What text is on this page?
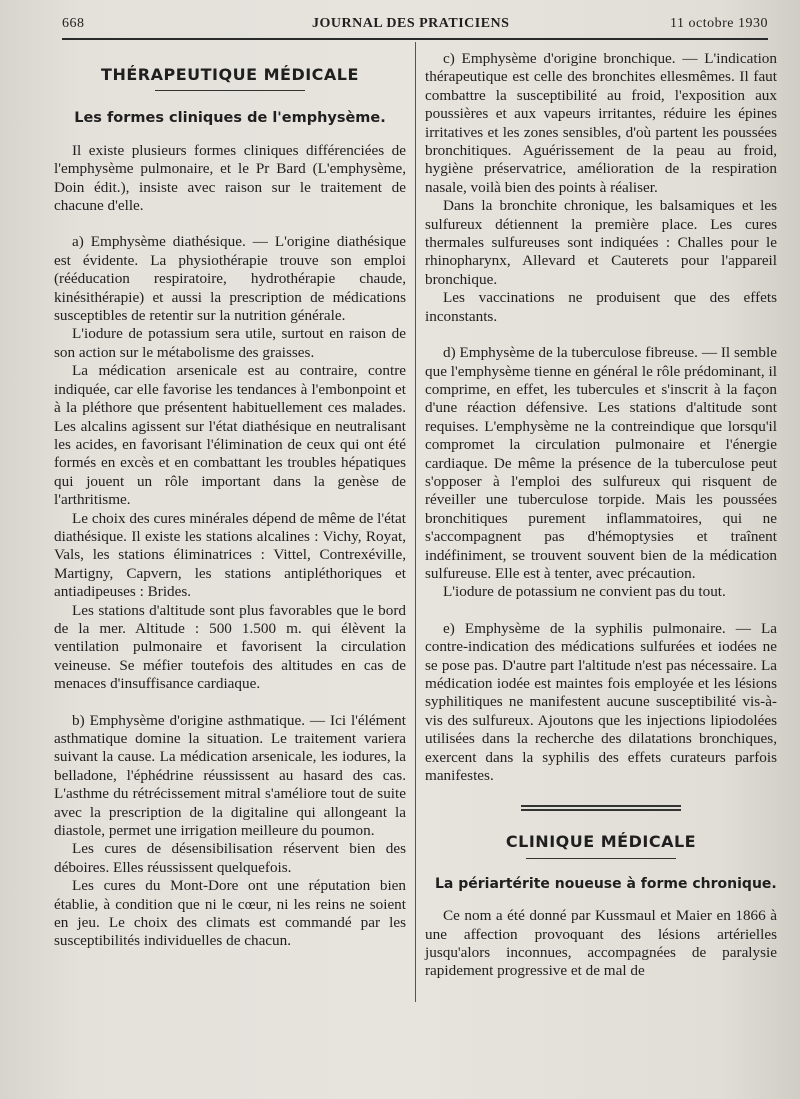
668	JOURNAL DES PRATICIENS	11 octobre 1930
THÉRAPEUTIQUE MÉDICALE
Les formes cliniques de l'emphysème.

Il existe plusieurs formes cliniques différenciées de l'emphysème pulmonaire, et le Pr Bard (L'emphysème, Doin édit.), insiste avec raison sur le traitement de chacune d'elle.

a) Emphysème diathésique. — L'origine diathésique est évidente. La physiothérapie trouve son emploi (rééducation respiratoire, hydrothérapie chaude, kinésithérapie) et aussi la prescription de médications susceptibles de retentir sur la nutrition générale.

L'iodure de potassium sera utile, surtout en raison de son action sur le métabolisme des graisses.

La médication arsenicale est au contraire, contre indiquée, car elle favorise les tendances à l'embonpoint et à la pléthore que présentent habituellement ces malades. Les alcalins agissent sur l'état diathésique en neutralisant les acides, en favorisant l'élimination de ceux qui ont été formés en excès et en combattant les troubles hépatiques qui jouent un rôle important dans la genèse de l'arthritisme.

Le choix des cures minérales dépend de même de l'état diathésique. Il existe les stations alcalines : Vichy, Royat, Vals, les stations éliminatrices : Vittel, Contrexéville, Martigny, Capvern, les stations antipléthoriques et antiadipeuses : Brides.

Les stations d'altitude sont plus favorables que le bord de la mer. Altitude : 500 1.500 m. qui élèvent la ventilation pulmonaire et favorisent la circulation veineuse. Se méfier toutefois des altitudes en cas de menaces d'insuffisance cardiaque.

b) Emphysème d'origine asthmatique. — Ici l'élément asthmatique domine la situation. Le traitement variera suivant la cause. La médication arsenicale, les iodures, la belladone, l'éphédrine réussissent au hasard des cas. L'asthme du rétrécissement mitral s'améliore tout de suite avec la prescription de la digitaline qui allongeant la diastole, permet une irrigation meilleure du poumon.

Les cures de désensibilisation réservent bien des déboires. Elles réussissent quelquefois.

Les cures du Mont-Dore ont une réputation bien établie, à condition que ni le cœur, ni les reins ne soient en jeu. Le choix des climats est commandé par les susceptibilités individuelles de chacun.

c) Emphysème d'origine bronchique. — L'indication thérapeutique est celle des bronchites ellesmêmes. Il faut combattre la susceptibilité au froid, l'exposition aux poussières et aux vapeurs irritantes, réduire les épines irritatives et les zones sensibles, d'où partent les poussées bronchitiques. Aguérissement de la peau au froid, hygiène préservatrice, amélioration de la respiration nasale, voilà bien des points à réaliser.

Dans la bronchite chronique, les balsamiques et les sulfureux détiennent la première place. Les cures thermales sulfureuses sont indiquées : Challes pour le rhinopharynx, Allevard et Cauterets pour l'appareil bronchique.

Les vaccinations ne produisent que des effets inconstants.

d) Emphysème de la tuberculose fibreuse. — Il semble que l'emphysème tienne en général le rôle prédominant, il comprime, en effet, les tubercules et s'inscrit à la façon d'une réaction défensive. Les stations d'altitude sont requises. L'emphysème ne la contreindique que lorsqu'il compromet la circulation pulmonaire et l'énergie cardiaque. De même la présence de la tuberculose peut s'opposer à l'emploi des sulfureux qui risquent de réveiller une tuberculose torpide. Mais les poussées bronchitiques purement inflammatoires, qui ne s'accompagnent pas d'hémoptysies et traînent indéfiniment, se trouvent souvent bien de la médication sulfureuse. Elle est à tenter, avec précaution.

L'iodure de potassium ne convient pas du tout.

e) Emphysème de la syphilis pulmonaire. — La contre-indication des médications sulfurées et iodées ne se pose pas. D'autre part l'altitude n'est pas nécessaire. La médication iodée est maintes fois employée et les lésions syphilitiques ne manifestent aucune susceptibilité vis-à-vis des sulfureux. Ajoutons que les injections lipiodolées utilisées dans la recherche des dilatations bronchiques, exercent dans la syphilis des effets curateurs parfois manifestes.

CLINIQUE MÉDICALE
La périartérite noueuse à forme chronique.

Ce nom a été donné par Kussmaul et Maier en 1866 à une affection provoquant des lésions artérielles jusqu'alors inconnues, accompagnées de paralysie rapidement progressive et de mal de
